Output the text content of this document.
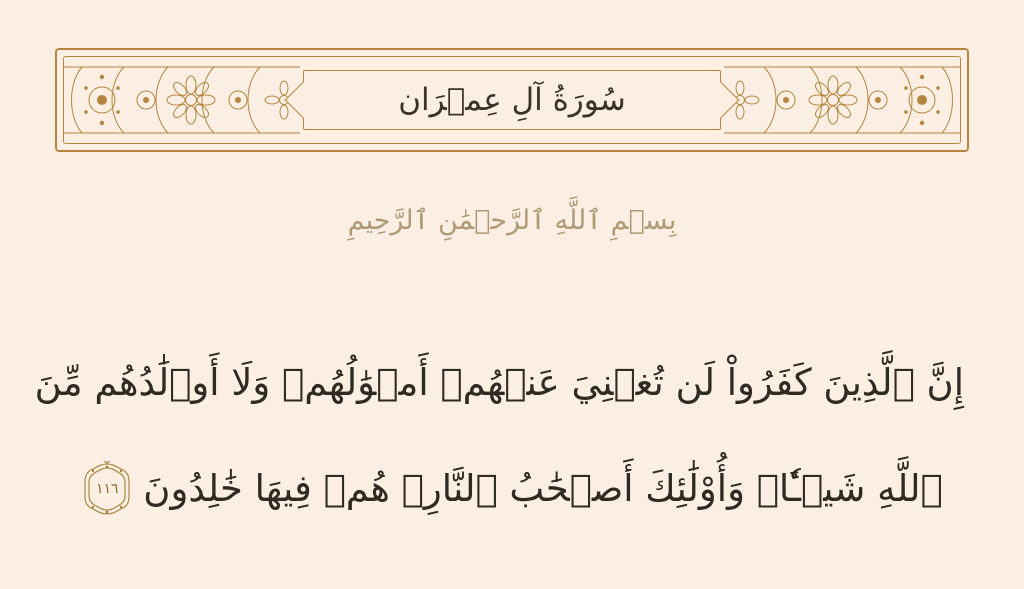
سُورَةُ آلِ عِمۡرَان
بِسۡمِ ٱللَّهِ ٱلرَّحۡمَٰنِ ٱلرَّحِيمِ
إِنَّ ٱلَّذِينَ كَفَرُواْ لَن تُغۡنِيَ عَنۡهُمۡ أَمۡوَٰلُهُمۡ وَلَا أَوۡلَٰدُهُم مِّنَ
ٱللَّهِ شَيۡـٔٗاۖ وَأُوْلَٰئِكَ أَصۡحَٰبُ ٱلنَّارِۚ هُمۡ فِيهَا خَٰلِدُونَ
١١٦
